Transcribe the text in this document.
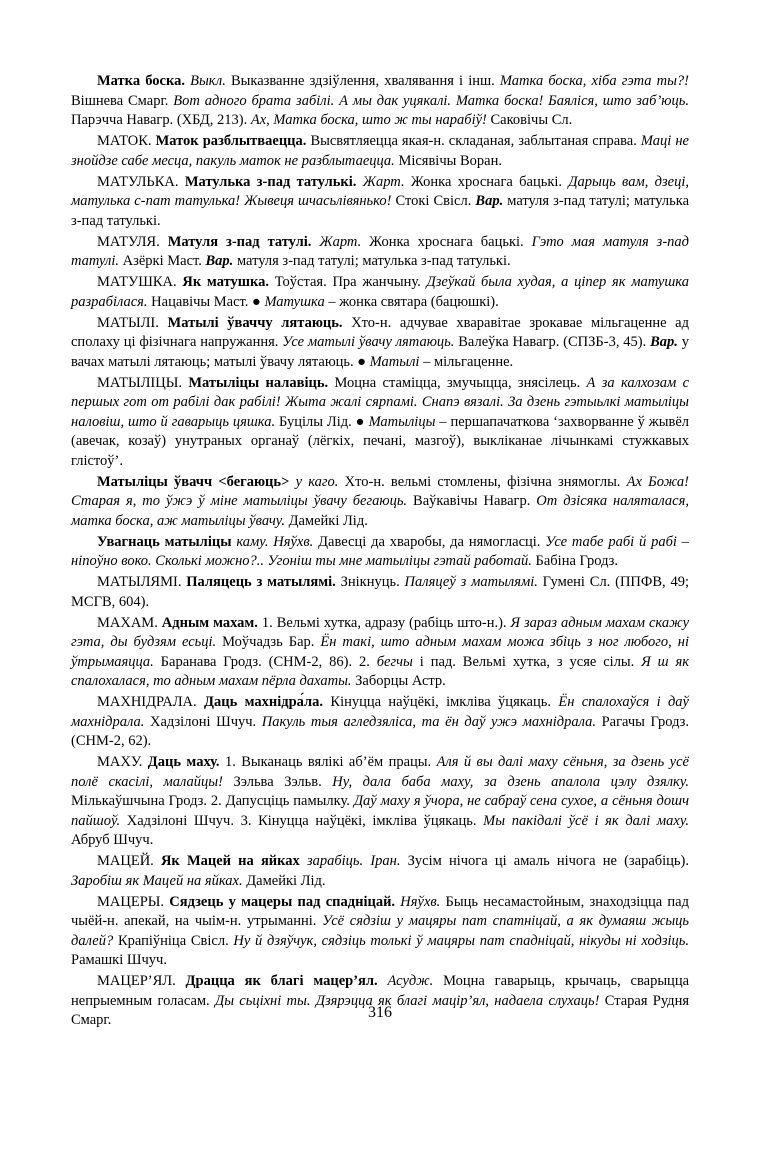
Матка боска. Выкл. Выказванне здзіўлення, хвалявання і інш. Матка боска, хіба гэта ты?! Вішнева Смарг. Вот адного брата забілі. А мы дак уцякалі. Матка боска! Баялiся, што заб’юць. Парэчча Навагр. (ХБД, 213). Ах, Матка боска, што ж ты нарабіў! Саковічы Сл.

МАТОК. Маток разблытваецца. Высвятляецца якая-н. складаная, заблытаная справа. Маці не знойдзе сабе месца, пакуль маток не разблытаецца. Місявічы Воран.

МАТУЛЬКА. Матулька з-пад татулькі. Жарт. Жонка хроснага бацькі. Дарыць вам, дзеці, матулька с-пат татулька! Жывеця шчасьлівянько! Стокі Свісл. Вар. матуля з-пад татулі; матулька з-пад татулькі.

МАТУЛЯ. Матуля з-пад татулі. Жарт. Жонка хроснага бацькі. Гэто мая матуля з-пад татулі. Азёркі Маст. Вар. матуля з-пад татулі; матулька з-пад татулькі.

МАТУШКА. Як матушка. Тоўстая. Пра жанчыну. Дзеўкай была худая, а ціпер як матушка разрабілася. Нацавічы Маст. ● Матушка – жонка святара (бацюшкі).

МАТЫЛІ. Матылі ўваччу лятаюць. Хто-н. адчувае хваравітае зрокавае мільгаценне ад сполаху ці фізічнага напружання. Усе матылі ўвачу лятаюць. Валеўка Навагр. (СПЗБ-3, 45). Вар. у вачах матылі лятаюць; матылі ўвачу лятаюць. ● Матылі – мільгаценне.

МАТЫЛІЦЫ. Матыліцы налавіць. Моцна стаміцца, змучыцца, знясілець. А за калхозам с першых гот от рабілі дак рабілі! Жыта жалі сярпамі. Снапэ вязалі. За дзень гэтыьлкі матыліцы наловіш, што й гаварыць цяшка. Буцілы Лід. ● Матыліцы – першапачаткова ‘захворванне ў жывёл (авечак, козаў) унутраных органаў (лёгкіх, печані, мазгоў), выкліканае лічынкамі стужкавых глістоў’.

Матыліцы ўвачч <бегаюць> у каго. Хто-н. вельмі стомлены, фізічна знямоглы. Ах Божа! Старая я, то ўжэ ў міне матыліцы ўвачу бегаюць. Ваўкавічы Навагр. От дзісяка наляталася, матка боска, аж матыліцы ўвачу. Дамейкі Лід.

Увагнаць матыліцы каму. Няўхв. Давесці да хваробы, да нямогласці. Усе табе рабі й рабі – ніпоўно воко. Сколькі можно?.. Угоніш ты мне матыліцы гэтай работай. Бабіна Гродз.

МАТЫЛЯМІ. Паляцець з матылямі. Знікнуць. Паляцеў з матылямі. Гумені Сл. (ППФВ, 49; МСГВ, 604).

МАХАМ. Адным махам. 1. Вельмі хутка, адразу (рабіць што-н.). Я зараз адным махам скажу гэта, ды будзям есьці. Моўчадзь Бар. Ён такі, што адным махам можа збіць з ног любого, ні ўтрымаяцца. Баранава Гродз. (СНМ-2, 86). 2. бегчы і пад. Вельмі хутка, з усяе сілы. Я ш як спалохалася, то адным махам пёрла дахаты. Заборцы Астр.

МАХНІДРАЛА. Даць махнідра́ла. Кінуцца наўцёкі, імкліва ўцякаць. Ён спалохаўся і даў махнідрала. Хадзілоні Шчуч. Пакуль тыя агледзяліса, та ён даў ужэ махнідрала. Рагачы Гродз. (СНМ-2, 62).

МАХУ. Даць маху. 1. Выканаць вялікі аб’ём працы. Аля й вы далі маху сёньня, за дзень усё полё скасілі, малайцы! Зэльва Зэльв. Ну, дала баба маху, за дзень апалола цэлу дзялку. Мількаўшчына Гродз. 2. Дапусціць памылку. Даў маху я ўчора, не сабраў сена сухое, а сёньня дошч пайшоў. Хадзілоні Шчуч. 3. Кінуцца наўцёкі, імкліва ўцякаць. Мы пакідалі ўсё і як далі маху. Абруб Шчуч.

МАЦЕЙ. Як Мацей на яйках зарабіць. Іран. Зусім нічога ці амаль нічога не (зарабіць). Заробіш як Мацей на яйках. Дамейкі Лід.

МАЦЕРЫ. Сядзець у мацеры пад спадніцай. Няўхв. Быць несамастойным, знаходзіцца пад чыёй-н. апекай, на чыім-н. утрыманні. Усё сядзіш у мацяры пат спатніцай, а як думаяш жыць далей? Крапіўніца Свісл. Ну й дзяўчук, сядзіць толькі ў мацяры пат спадніцай, нікуды ні ходзіць. Рамашкі Шчуч.

МАЦЕР’ЯЛ. Драцца як благі мацер’ял. Асудж. Моцна гаварыць, крычаць, сварыцца непрыемным голасам. Ды сьціхні ты. Дзярэцца як благі мацір’ял, надаела слухаць! Старая Рудня Смарг.	316
